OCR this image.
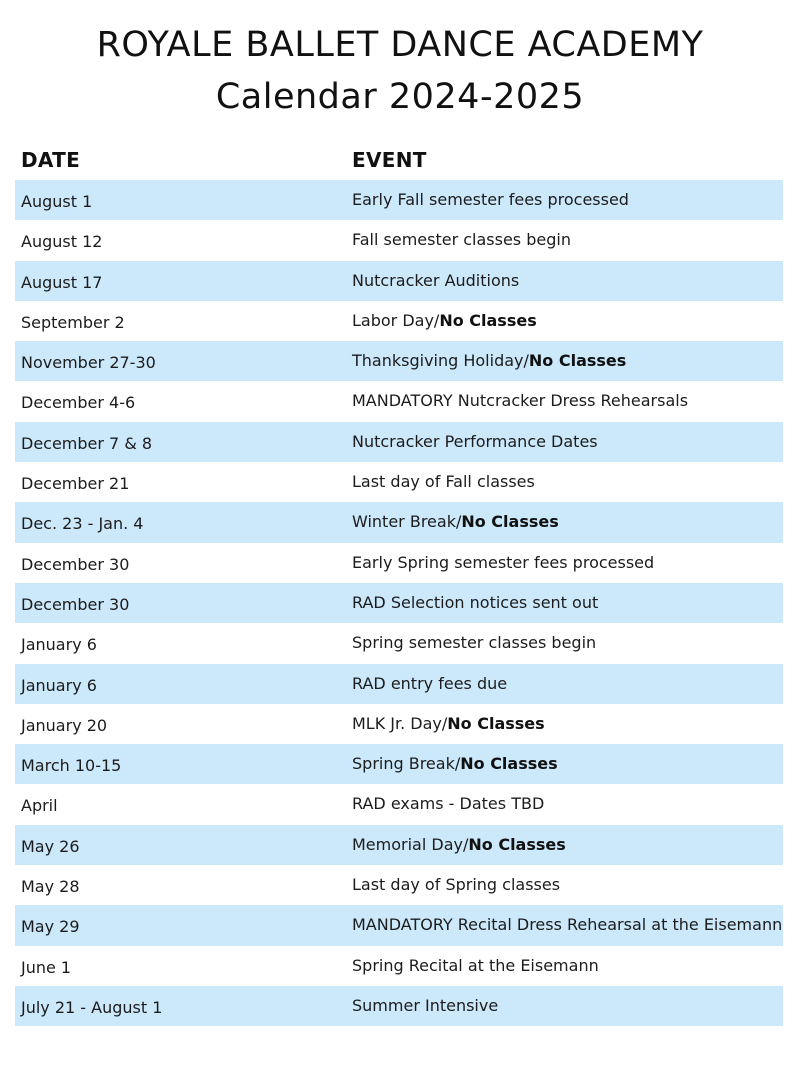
ROYALE BALLET DANCE ACADEMY
Calendar 2024-2025
DATE	EVENT
August 1	Early Fall semester fees processed
August 12	Fall semester classes begin
August 17	Nutcracker Auditions
September 2	Labor Day/No Classes
November 27-30	Thanksgiving Holiday/No Classes
December 4-6	MANDATORY Nutcracker Dress Rehearsals
December 7 & 8	Nutcracker Performance Dates
December 21	Last day of Fall classes
Dec. 23 - Jan. 4	Winter Break/No Classes
December 30	Early Spring semester fees processed
December 30	RAD Selection notices sent out
January 6	Spring semester classes begin
January 6	RAD entry fees due
January 20	MLK Jr. Day/No Classes
March 10-15	Spring Break/No Classes
April	RAD exams - Dates TBD
May 26	Memorial Day/No Classes
May 28	Last day of Spring classes
May 29	MANDATORY Recital Dress Rehearsal at the Eisemann
June 1	Spring Recital at the Eisemann
July 21 - August 1	Summer Intensive
